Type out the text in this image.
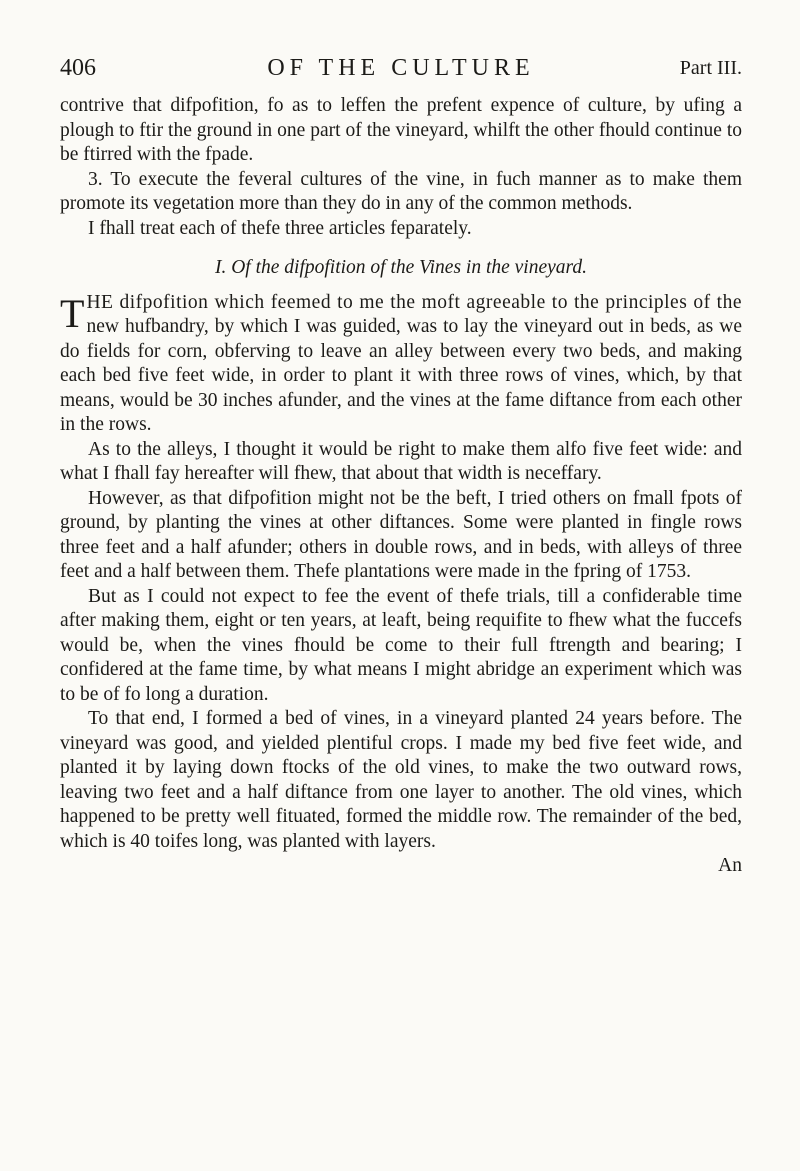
406	OF THE CULTURE	Part III.

contrive that difpofition, fo as to leffen the prefent expence of culture, by ufing a plough to ftir the ground in one part of the vineyard, whilft the other fhould continue to be ftirred with the fpade.

3. To execute the feveral cultures of the vine, in fuch manner as to make them promote its vegetation more than they do in any of the common methods.

I fhall treat each of thefe three articles feparately.

I. Of the difpofition of the Vines in the vineyard.

THE difpofition which feemed to me the moft agreeable to the principles of the new hufbandry, by which I was guided, was to lay the vineyard out in beds, as we do fields for corn, obferving to leave an alley between every two beds, and making each bed five feet wide, in order to plant it with three rows of vines, which, by that means, would be 30 inches afunder, and the vines at the fame diftance from each other in the rows.

As to the alleys, I thought it would be right to make them alfo five feet wide: and what I fhall fay hereafter will fhew, that about that width is neceffary.

However, as that difpofition might not be the beft, I tried others on fmall fpots of ground, by planting the vines at other diftances. Some were planted in fingle rows three feet and a half afunder; others in double rows, and in beds, with alleys of three feet and a half between them. Thefe plantations were made in the fpring of 1753.

But as I could not expect to fee the event of thefe trials, till a confiderable time after making them, eight or ten years, at leaft, being requifite to fhew what the fuccefs would be, when the vines fhould be come to their full ftrength and bearing; I confidered at the fame time, by what means I might abridge an experiment which was to be of fo long a duration.

To that end, I formed a bed of vines, in a vineyard planted 24 years before. The vineyard was good, and yielded plentiful crops. I made my bed five feet wide, and planted it by laying down ftocks of the old vines, to make the two outward rows, leaving two feet and a half diftance from one layer to another. The old vines, which happened to be pretty well fituated, formed the middle row. The remainder of the bed, which is 40 toifes long, was planted with layers.

An
